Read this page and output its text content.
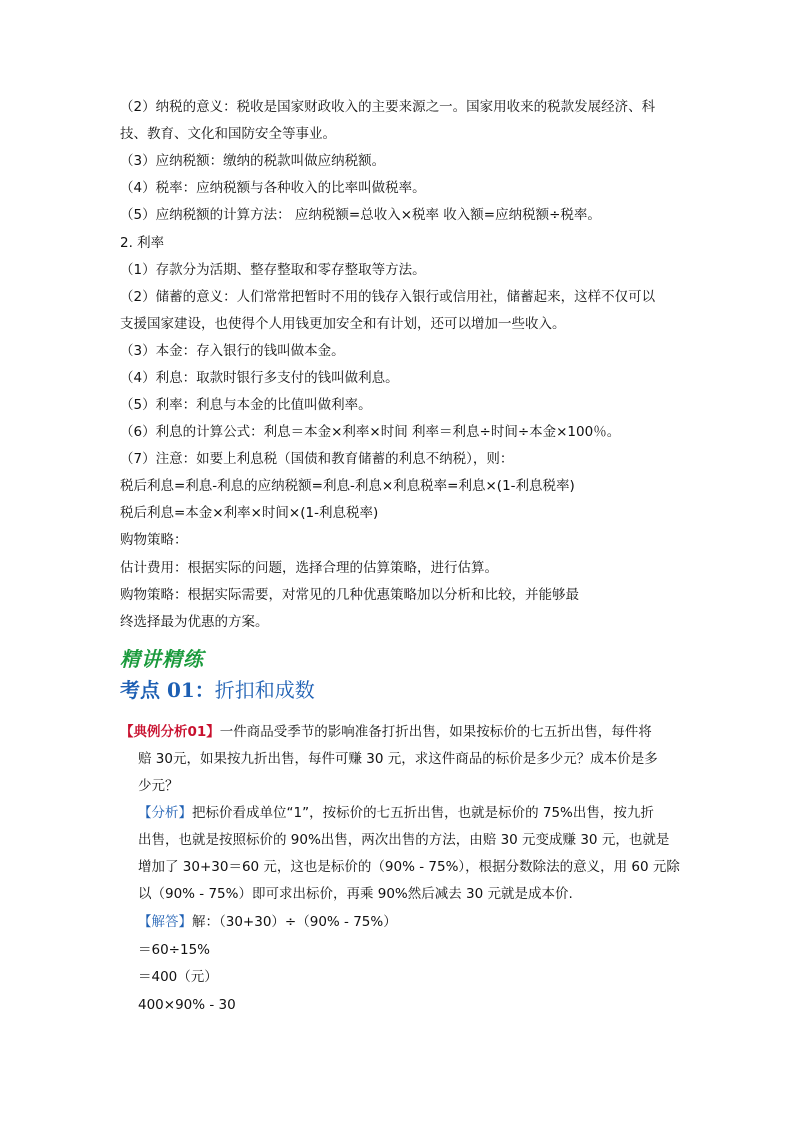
（2）纳税的意义：税收是国家财政收入的主要来源之一。国家用收来的税款发展经济、科
技、教育、文化和国防安全等事业。
（3）应纳税额：缴纳的税款叫做应纳税额。
（4）税率：应纳税额与各种收入的比率叫做税率。
（5）应纳税额的计算方法： 应纳税额=总收入×税率 收入额=应纳税额÷税率。
2. 利率
（1）存款分为活期、整存整取和零存整取等方法。
（2）储蓄的意义：人们常常把暂时不用的钱存入银行或信用社，储蓄起来，这样不仅可以
支援国家建设，也使得个人用钱更加安全和有计划，还可以增加一些收入。
（3）本金：存入银行的钱叫做本金。
（4）利息：取款时银行多支付的钱叫做利息。
（5）利率：利息与本金的比值叫做利率。
（6）利息的计算公式：利息＝本金×利率×时间 利率＝利息÷时间÷本金×100％。
（7）注意：如要上利息税（国债和教育储蓄的利息不纳税），则：
税后利息=利息-利息的应纳税额=利息-利息×利息税率=利息×(1-利息税率)
税后利息=本金×利率×时间×(1-利息税率)
购物策略：
估计费用：根据实际的问题，选择合理的估算策略，进行估算。
购物策略：根据实际需要，对常见的几种优惠策略加以分析和比较，并能够最
终选择最为优惠的方案。
精讲精练
考点 01：折扣和成数
【典例分析01】一件商品受季节的影响准备打折出售，如果按标价的七五折出售，每件将
赔 30元，如果按九折出售，每件可赚 30 元，求这件商品的标价是多少元？成本价是多
少元？
【分析】把标价看成单位“1”，按标价的七五折出售，也就是标价的 75%出售，按九折
出售，也就是按照标价的 90%出售，两次出售的方法，由赔 30 元变成赚 30 元，也就是
增加了 30+30＝60 元，这也是标价的（90% - 75%），根据分数除法的意义，用 60 元除
以（90% - 75%）即可求出标价，再乘 90%然后减去 30 元就是成本价.
【解答】解：（30+30）÷（90% - 75%）
＝60÷15%
＝400（元）
400×90% - 30
